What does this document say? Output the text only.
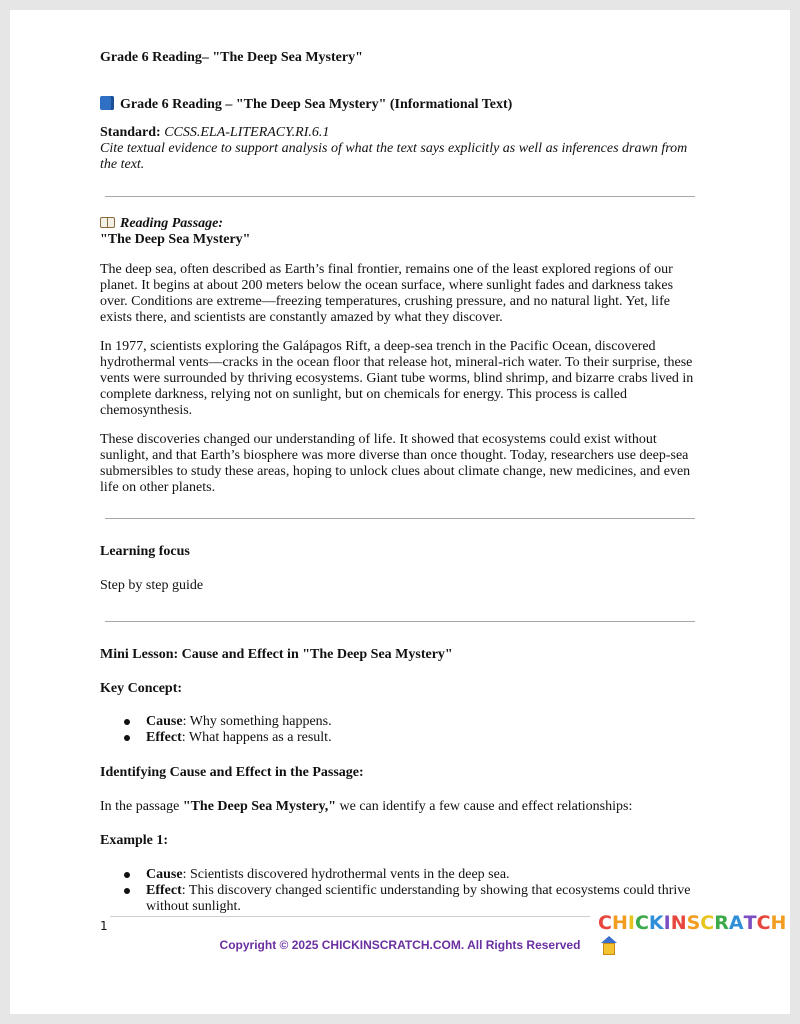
Grade 6 Reading– "The Deep Sea Mystery"
Grade 6 Reading – "The Deep Sea Mystery" (Informational Text)

Standard: CCSS.ELA-LITERACY.RI.6.1

Cite textual evidence to support analysis of what the text says explicitly as well as inferences drawn from

the text.

Reading Passage:

"The Deep Sea Mystery"

The deep sea, often described as Earth’s final frontier, remains one of the least explored regions of our

planet. It begins at about 200 meters below the ocean surface, where sunlight fades and darkness takes

over. Conditions are extreme—freezing temperatures, crushing pressure, and no natural light. Yet, life

exists there, and scientists are constantly amazed by what they discover.

In 1977, scientists exploring the Galápagos Rift, a deep-sea trench in the Pacific Ocean, discovered

hydrothermal vents—cracks in the ocean floor that release hot, mineral-rich water. To their surprise, these

vents were surrounded by thriving ecosystems. Giant tube worms, blind shrimp, and bizarre crabs lived in

complete darkness, relying not on sunlight, but on chemicals for energy. This process is called

chemosynthesis.

These discoveries changed our understanding of life. It showed that ecosystems could exist without

sunlight, and that Earth’s biosphere was more diverse than once thought. Today, researchers use deep-sea

submersibles to study these areas, hoping to unlock clues about climate change, new medicines, and even

life on other planets.

Learning focus
Step by step guide
Mini Lesson: Cause and Effect in "The Deep Sea Mystery"
Key Concept:
Cause: Why something happens.
Effect: What happens as a result.
Identifying Cause and Effect in the Passage:
In the passage "The Deep Sea Mystery," we can identify a few cause and effect relationships:
Example 1:
Cause: Scientists discovered hydrothermal vents in the deep sea.
Effect: This discovery changed scientific understanding by showing that ecosystems could thrive

without sunlight.

1
Copyright © 2025 CHICKINSCRATCH.COM. All Rights Reserved
CHICKINSCRATCH
